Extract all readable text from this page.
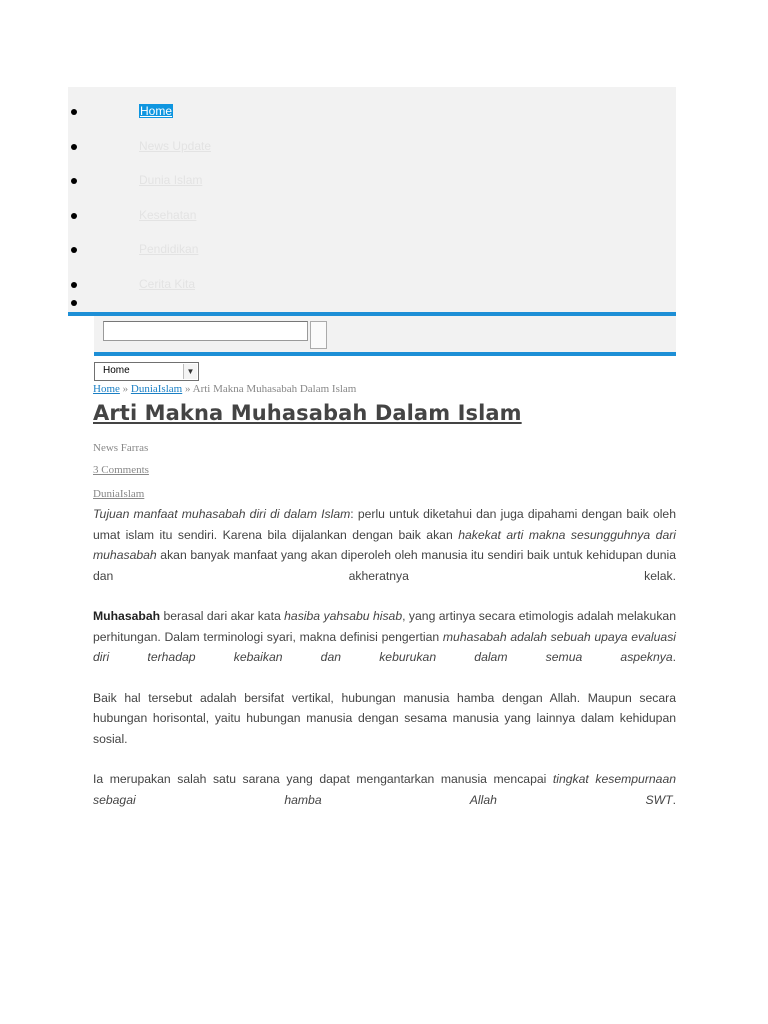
Home
News Update
Dunia Islam
Kesehatan
Pendidikan
Cerita Kita
Home	▼
Home » DuniaIslam » Arti Makna Muhasabah Dalam Islam
Arti Makna Muhasabah Dalam Islam
News Farras
3 Comments
DuniaIslam

Tujuan manfaat muhasabah diri di dalam Islam: perlu untuk diketahui dan juga dipahami dengan baik oleh umat islam itu sendiri. Karena bila dijalankan dengan baik akan hakekat arti makna sesungguhnya dari muhasabah akan banyak manfaat yang akan diperoleh oleh manusia itu sendiri baik untuk kehidupan dunia dan akheratnya kelak.

Muhasabah berasal dari akar kata hasiba yahsabu hisab, yang artinya secara etimologis adalah melakukan perhitungan. Dalam terminologi syari, makna definisi pengertian muhasabah adalah sebuah upaya evaluasi diri terhadap kebaikan dan keburukan dalam semua aspeknya.

Baik hal tersebut adalah bersifat vertikal, hubungan manusia hamba dengan Allah. Maupun secara hubungan horisontal, yaitu hubungan manusia dengan sesama manusia yang lainnya dalam kehidupan sosial.

Ia merupakan salah satu sarana yang dapat mengantarkan manusia mencapai tingkat kesempurnaan sebagai hamba Allah SWT.
